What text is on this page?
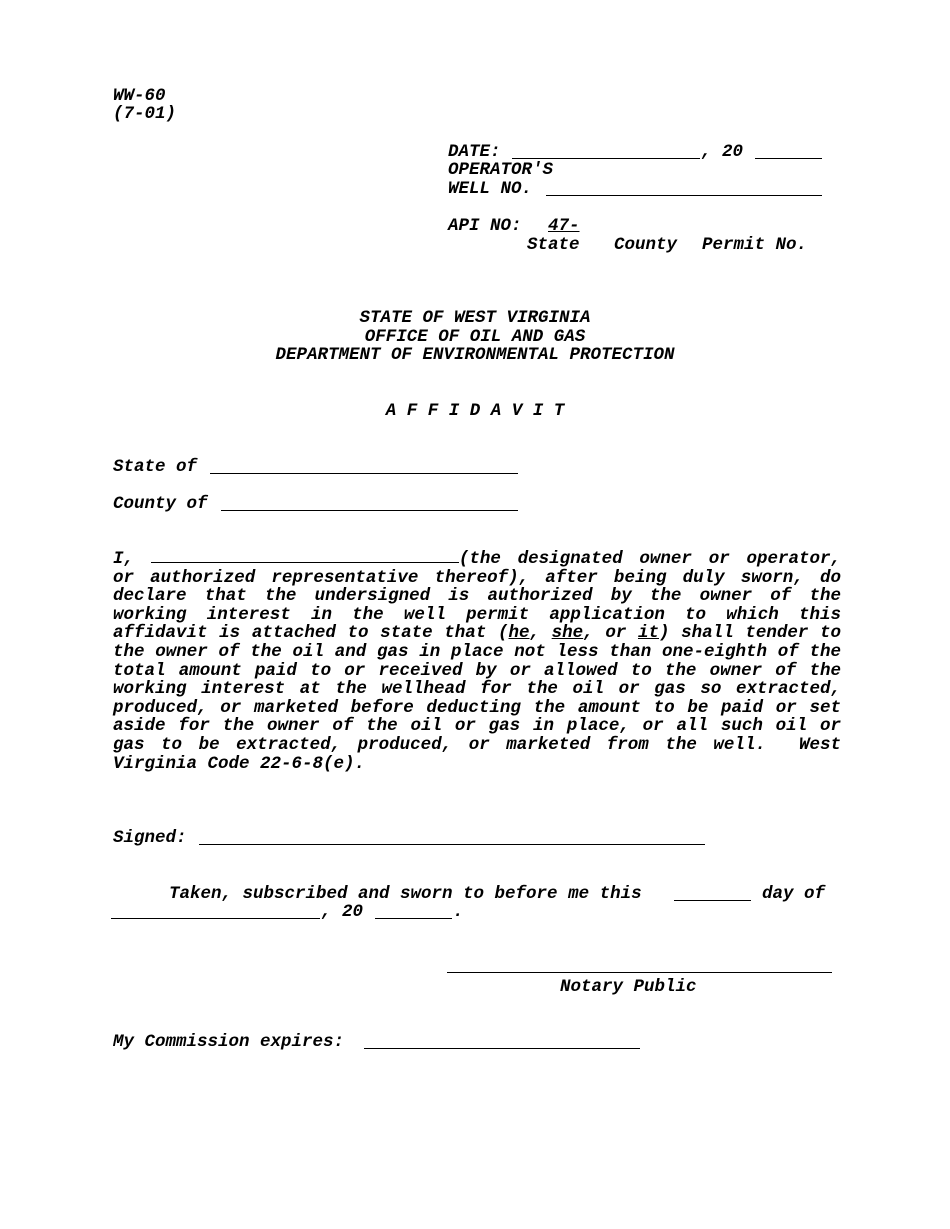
WW-60
(7-01)
DATE:	, 20
OPERATOR'S
WELL NO.
API NO: 47-
State County Permit No.
STATE OF WEST VIRGINIA
OFFICE OF OIL AND GAS
DEPARTMENT OF ENVIRONMENTAL PROTECTION
A F F I D A V I T
State of
County of
I,	(the designated owner or operator, or authorized representative thereof), after being duly sworn, do declare that the undersigned is authorized by the owner of the working interest in the well permit application to which this affidavit is attached to state that (he, she, or it) shall tender to the owner of the oil and gas in place not less than one-eighth of the total amount paid to or received by or allowed to the owner of the working interest at the wellhead for the oil or gas so extracted, produced, or marketed before deducting the amount to be paid or set aside for the owner of the oil or gas in place, or all such oil or gas to be extracted, produced, or marketed from the well. West Virginia Code 22-6-8(e).
Signed:
Taken, subscribed and sworn to before me this	day of
, 20	.
Notary Public
My Commission expires:
